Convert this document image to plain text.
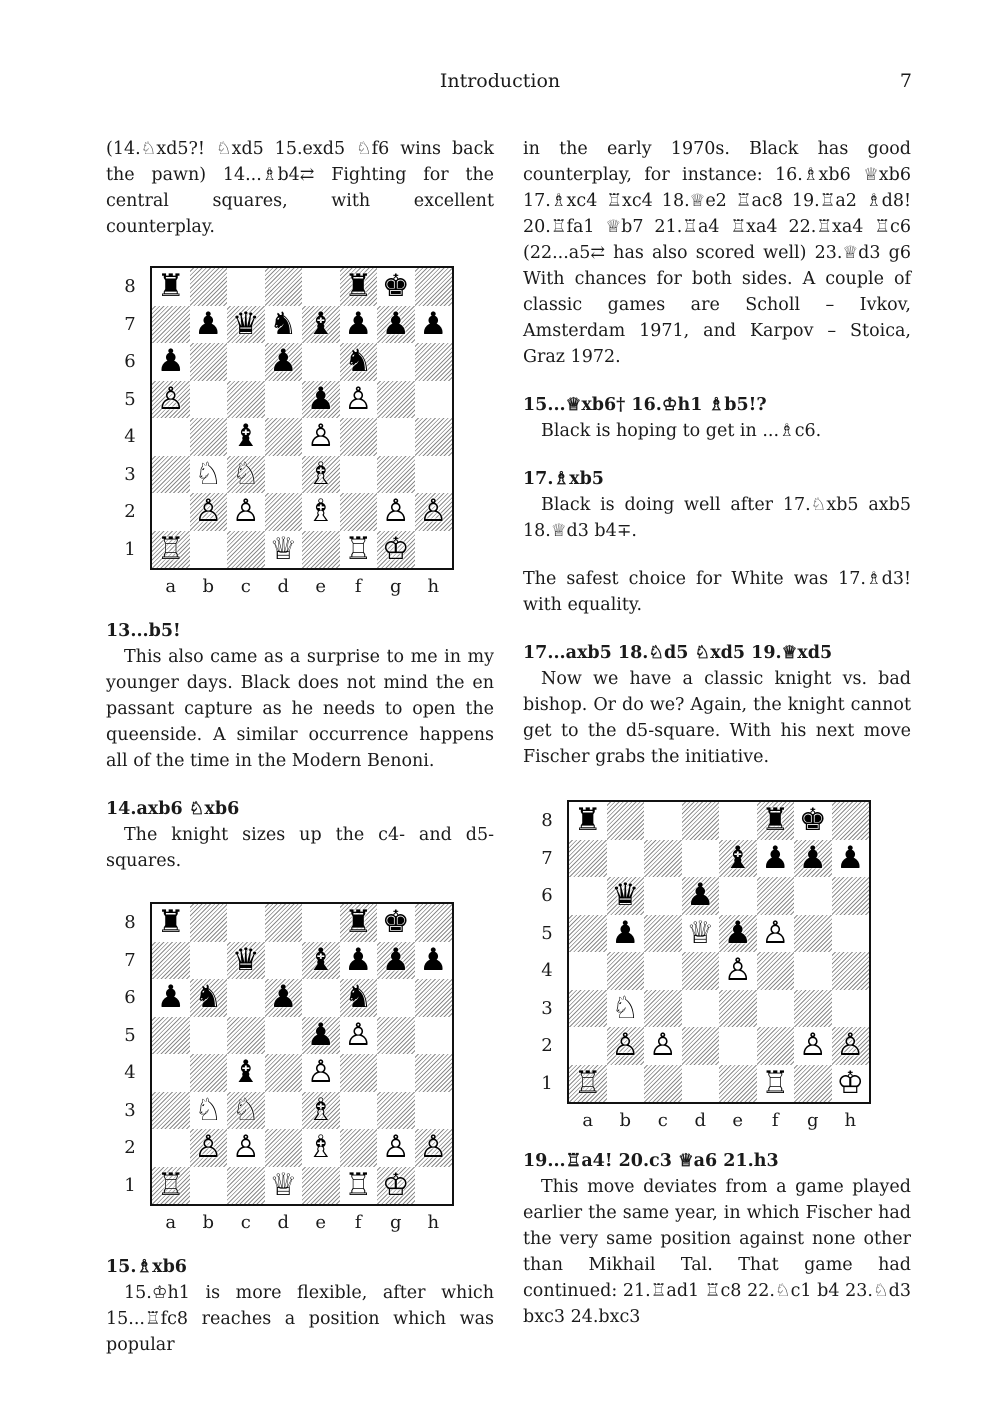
Introduction	7

(14.♘xd5?! ♘xd5 15.exd5 ♘f6 wins back the pawn) 14...♗b4⇄ Fighting for the central squares, with excellent counterplay.

8
7
6
5
4
3
2
1
♜	♜ ♚
♟ ♛ ♞ ♝ ♟ ♟ ♟
♟	♟ ♞
♙	♟ ♙
♝ ♙
♘ ♘ ♗
♙ ♙ ♗ ♙ ♙
♖	♕ ♖ ♔
a	b	c	d	e	f	g	h
13...b5!

This also came as a surprise to me in my younger days. Black does not mind the en passant capture as he needs to open the queenside. A similar occurrence happens all of the time in the Modern Benoni.

14.axb6 ♘xb6

The knight sizes up the c4- and d5-squares.

8
7
6
5
4
3
2
1
♜	♜ ♚
♛ ♝ ♟ ♟ ♟
♟ ♞ ♟ ♞
♟ ♙
♝ ♙
♘ ♘ ♗
♙ ♙ ♗ ♙ ♙
♖	♕ ♖ ♔
a	b	c	d	e	f	g	h
15.♗xb6

15.♔h1 is more flexible, after which 15...♖fc8 reaches a position which was popular

in the early 1970s. Black has good counterplay, for instance: 16.♗xb6 ♕xb6 17.♗xc4 ♖xc4 18.♕e2 ♖ac8 19.♖a2 ♗d8! 20.♖fa1 ♕b7 21.♖a4 ♖xa4 22.♖xa4 ♖c6 (22...a5⇄ has also scored well) 23.♕d3 g6 With chances for both sides. A couple of classic games are Scholl – Ivkov, Amsterdam 1971, and Karpov – Stoica, Graz 1972.

15...♕xb6† 16.♔h1 ♗b5!?

Black is hoping to get in ...♗c6.

17.♗xb5

Black is doing well after 17.♘xb5 axb5 18.♕d3 b4∓.

The safest choice for White was 17.♗d3! with equality.

17...axb5 18.♘d5 ♘xd5 19.♕xd5

Now we have a classic knight vs. bad bishop. Or do we? Again, the knight cannot get to the d5-square. With his next move Fischer grabs the initiative.

8
7
6
5
4
3
2
1
♜	♜ ♚
♝ ♟ ♟ ♟
♛ ♟
♟ ♕ ♟ ♙
♙
♘
♙ ♙	♙ ♙
♖	♖ ♔
a	b	c	d	e	f	g	h
19...♖a4! 20.c3 ♕a6 21.h3

This move deviates from a game played earlier the same year, in which Fischer had the very same position against none other than Mikhail Tal. That game had continued: 21.♖ad1 ♖c8 22.♘c1 b4 23.♘d3 bxc3 24.bxc3
